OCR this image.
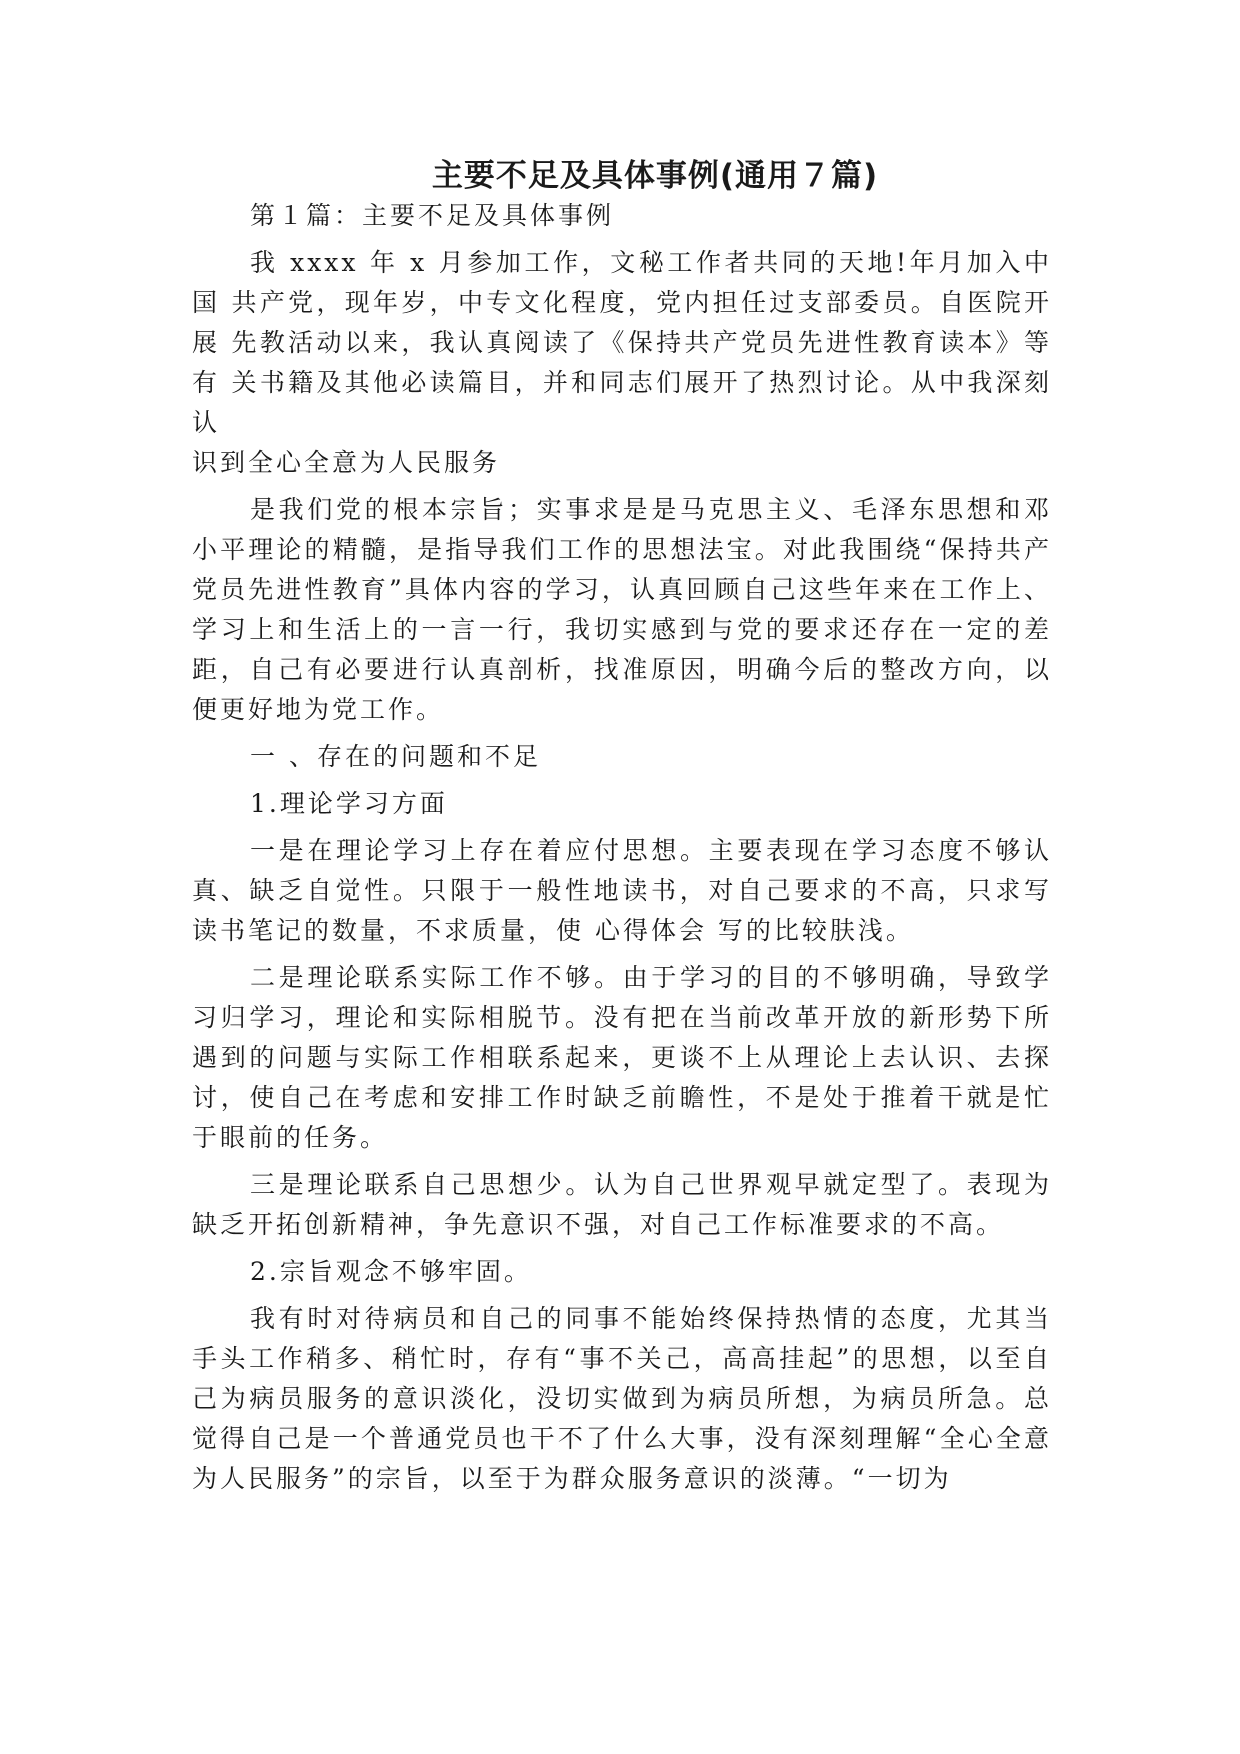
主要不足及具体事例(通用７篇)

第１篇：主要不足及具体事例

我 xxxx 年 x 月参加工作，文秘工作者共同的天地!年月加入中国 共产党，现年岁，中专文化程度，党内担任过支部委员。自医院开展 先教活动以来，我认真阅读了《保持共产党员先进性教育读本》等有 关书籍及其他必读篇目，并和同志们展开了热烈讨论。从中我深刻认

识到全心全意为人民服务

是我们党的根本宗旨；实事求是是马克思主义、毛泽东思想和邓小平理论的精髓，是指导我们工作的思想法宝。对此我围绕“保持共产党员先进性教育”具体内容的学习，认真回顾自己这些年来在工作上、学习上和生活上的一言一行，我切实感到与党的要求还存在一定的差距，自己有必要进行认真剖析，找准原因，明确今后的整改方向，以便更好地为党工作。

一 、存在的问题和不足

1.理论学习方面

一是在理论学习上存在着应付思想。主要表现在学习态度不够认真、缺乏自觉性。只限于一般性地读书，对自己要求的不高，只求写读书笔记的数量，不求质量，使 心得体会 写的比较肤浅。

二是理论联系实际工作不够。由于学习的目的不够明确，导致学习归学习，理论和实际相脱节。没有把在当前改革开放的新形势下所遇到的问题与实际工作相联系起来，更谈不上从理论上去认识、去探讨，使自己在考虑和安排工作时缺乏前瞻性，不是处于推着干就是忙于眼前的任务。

三是理论联系自己思想少。认为自己世界观早就定型了。表现为缺乏开拓创新精神，争先意识不强，对自己工作标准要求的不高。

2.宗旨观念不够牢固。

我有时对待病员和自己的同事不能始终保持热情的态度，尤其当手头工作稍多、稍忙时，存有“事不关己，高高挂起”的思想，以至自己为病员服务的意识淡化，没切实做到为病员所想，为病员所急。总觉得自己是一个普通党员也干不了什么大事，没有深刻理解“全心全意为人民服务”的宗旨，以至于为群众服务意识的淡薄。“一切为
